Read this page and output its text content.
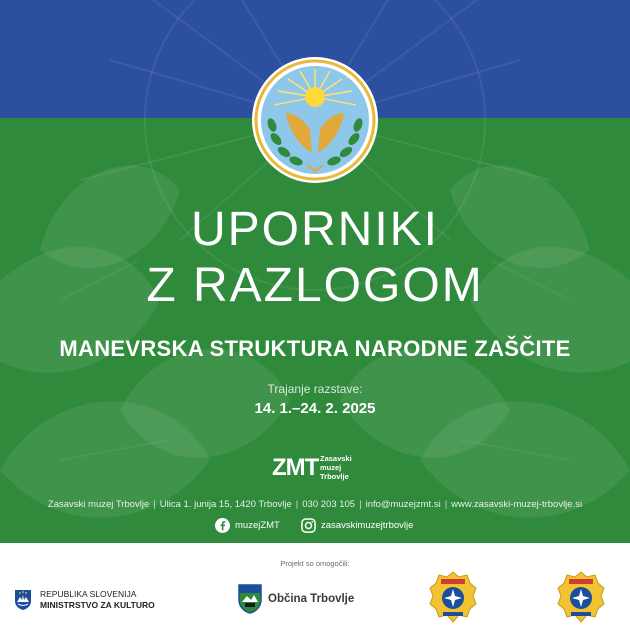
UPORNIKI
Z RAZLOGOM
MANEVRSKA STRUKTURA NARODNE ZAŠČITE
Trajanje razstave:
14. 1.–24. 2. 2025
ZMT Zasavski
muzej
Trbovlje
Zasavski muzej Trbovlje | Ulica 1. junija 15, 1420 Trbovlje | 030 203 105 | info@muzejzmt.si | www.zasavski-muzej-trbovlje.si
muzejZMT	zasavskimuzejtrbovlje
Projekt so omogočili:
REPUBLIKA SLOVENIJA
MINISTRSTVO ZA KULTURO	Občina Trbovlje
